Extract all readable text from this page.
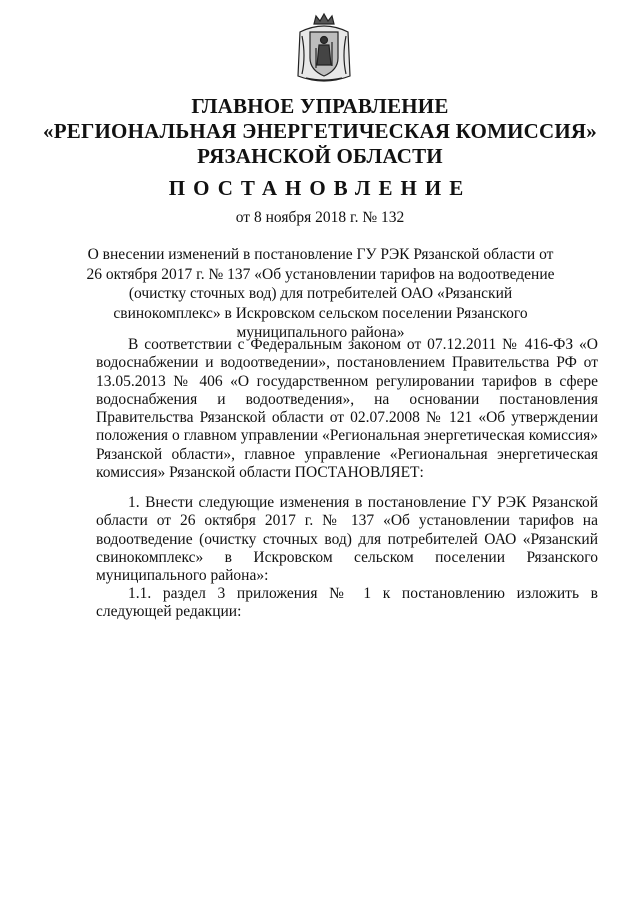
ГЛАВНОЕ УПРАВЛЕНИЕ
«РЕГИОНАЛЬНАЯ ЭНЕРГЕТИЧЕСКАЯ КОМИССИЯ»
РЯЗАНСКОЙ ОБЛАСТИ
ПОСТАНОВЛЕНИЕ
от 8 ноября 2018 г. № 132
О внесении изменений в постановление ГУ РЭК Рязанской области от 26 октября 2017 г. № 137 «Об установлении тарифов на водоотведение (очистку сточных вод) для потребителей ОАО «Рязанский свинокомплекс» в Искровском сельском поселении Рязанского муниципального района»
В соответствии с Федеральным законом от 07.12.2011 № 416-ФЗ «О водоснабжении и водоотведении», постановлением Правительства РФ от 13.05.2013 № 406 «О государственном регулировании тарифов в сфере водоснабжения и водоотведения», на основании постановления Правительства Рязанской области от 02.07.2008 № 121 «Об утверждении положения о главном управлении «Региональная энергетическая комиссия» Рязанской области», главное управление «Региональная энергетическая комиссия» Рязанской области ПОСТАНОВЛЯЕТ:
1. Внести следующие изменения в постановление ГУ РЭК Рязанской области от 26 октября 2017 г. № 137 «Об установлении тарифов на водоотведение (очистку сточных вод) для потребителей ОАО «Рязанский свинокомплекс» в Искровском сельском поселении Рязанского муниципального района»:
1.1. раздел 3 приложения № 1 к постановлению изложить в следующей редакции:
